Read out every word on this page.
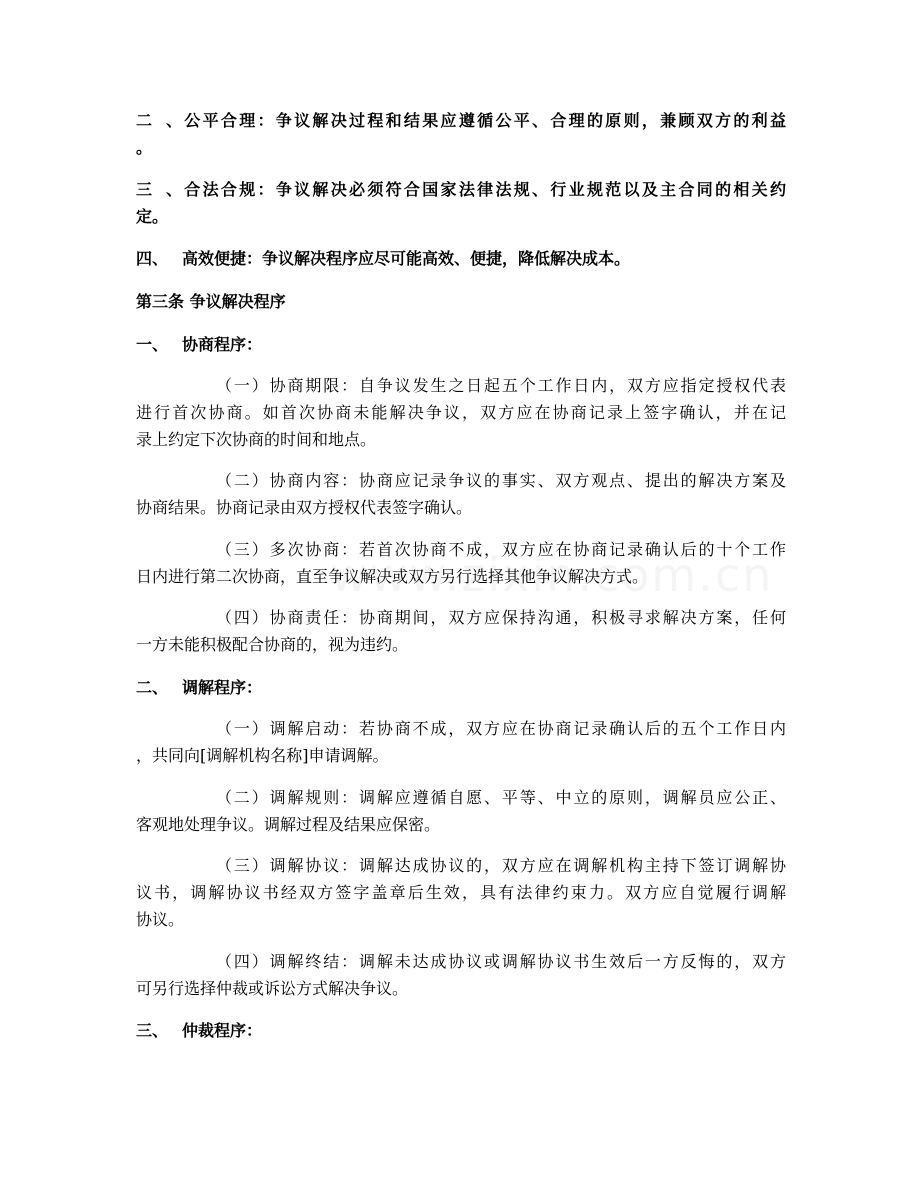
二、公平合理：争议解决过程和结果应遵循公平、合理的原则，兼顾双方的利益
。
三、合法合规：争议解决必须符合国家法律法规、行业规范以及主合同的相关约
定。
四、 高效便捷：争议解决程序应尽可能高效、便捷，降低解决成本。
第三条 争议解决程序
一、 协商程序：
（一）协商期限：自争议发生之日起五个工作日内，双方应指定授权代表
进行首次协商。如首次协商未能解决争议，双方应在协商记录上签字确认，并在记
录上约定下次协商的时间和地点。
（二）协商内容：协商应记录争议的事实、双方观点、提出的解决方案及
协商结果。协商记录由双方授权代表签字确认。
（三）多次协商：若首次协商不成，双方应在协商记录确认后的十个工作
日内进行第二次协商，直至争议解决或双方另行选择其他争议解决方式。
（四）协商责任：协商期间，双方应保持沟通，积极寻求解决方案，任何
一方未能积极配合协商的，视为违约。
二、 调解程序：
（一）调解启动：若协商不成，双方应在协商记录确认后的五个工作日内
，共同向[调解机构名称]申请调解。
（二）调解规则：调解应遵循自愿、平等、中立的原则，调解员应公正、
客观地处理争议。调解过程及结果应保密。
（三）调解协议：调解达成协议的，双方应在调解机构主持下签订调解协
议书，调解协议书经双方签字盖章后生效，具有法律约束力。双方应自觉履行调解
协议。
（四）调解终结：调解未达成协议或调解协议书生效后一方反悔的，双方
可另行选择仲裁或诉讼方式解决争议。
三、 仲裁程序：
